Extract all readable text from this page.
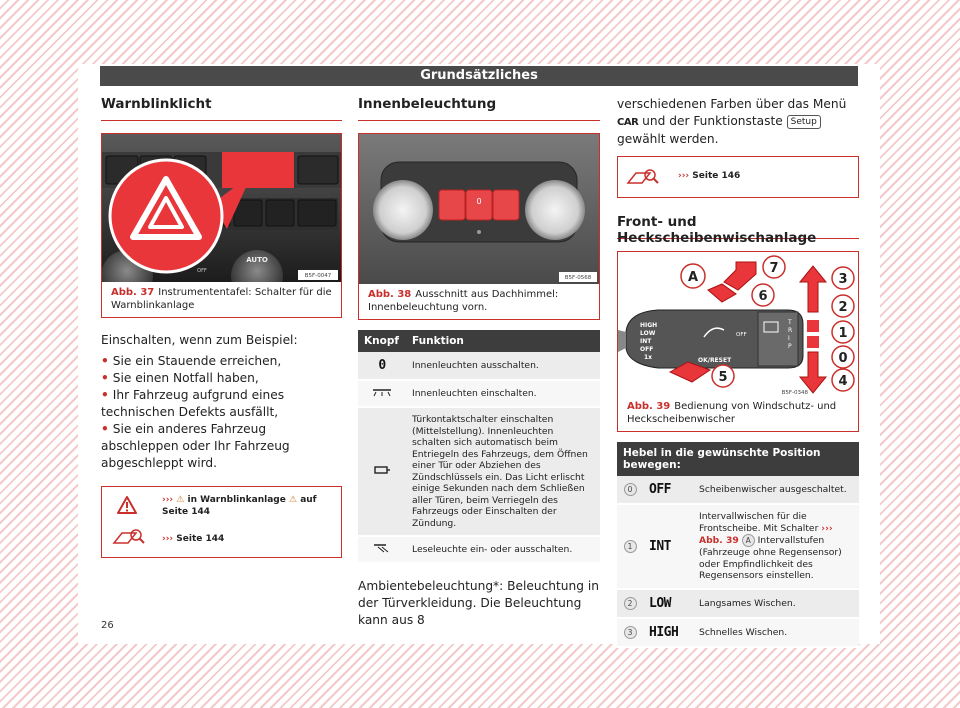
Grundsätzliches
Warnblinklicht
AUTO
OFF
B5F-0047
Abb. 37 Instrumententafel: Schalter für die Warnblinkanlage
Einschalten, wenn zum Beispiel:
• Sie ein Stauende erreichen,
• Sie einen Notfall haben,
• Ihr Fahrzeug aufgrund eines technischen Defekts ausfällt,
• Sie ein anderes Fahrzeug abschleppen oder Ihr Fahrzeug abgeschleppt wird.
››› ⚠ in Warnblinkanlage ⚠ auf
Seite 144
››› Seite 144
Innenbeleuchtung
0
B5F-0568
Abb. 38 Ausschnitt aus Dachhimmel: Innenbeleuchtung vorn.
Knopf	Funktion
0	Innenleuchten ausschalten.
	Innenleuchten einschalten.
	Türkontaktschalter einschalten (Mittelstellung). Innenleuchten schalten sich automatisch beim Entriegeln des Fahrzeugs, dem Öffnen einer Tür oder Abziehen des Zündschlüssels ein. Das Licht erlischt einige Sekunden nach dem Schließen aller Türen, beim Verriegeln des Fahrzeugs oder Einschalten der Zündung.
	Leseleuchte ein- oder ausschalten.
Ambientebeleuchtung*: Beleuchtung in der Türverkleidung. Die Beleuchtung kann aus 8
verschiedenen Farben über das Menü CAR und der Funktionstaste Setup gewählt werden.
››› Seite 146
Front- und Heckscheibenwischanlage
HIGH
LOW
INT
OFF
1x	OK/RESET
OFF
T
R
I
P
A
7
6
5
3
2
1
0
4
B5F-0348
Abb. 39 Bedienung von Windschutz- und Heckscheibenwischer
Hebel in die gewünschte Position bewegen:		
0	OFF	Scheibenwischer ausgeschaltet.
1	INT	Intervallwischen für die Frontscheibe. Mit Schalter ››› Abb. 39 A Intervallstufen (Fahrzeuge ohne Regensensor) oder Empfindlichkeit des Regensensors einstellen.
2	LOW	Langsames Wischen.
3	HIGH	Schnelles Wischen.
26
